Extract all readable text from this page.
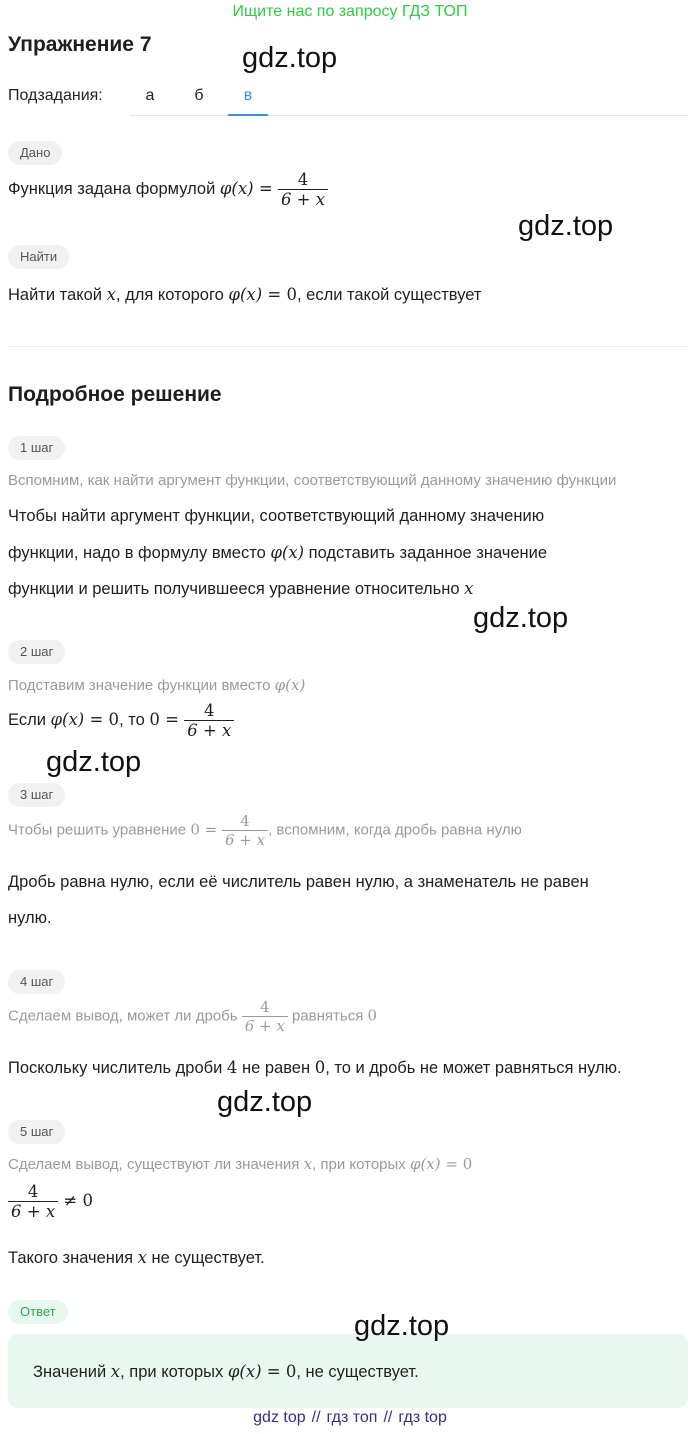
Ищите нас по запросу ГДЗ ТОП
Упражнение 7	gdz.top
Подзадания:	а	б	в
Дано
Функция задана формулой $\varphi(x) = \frac{4}{6 + x}$
gdz.top
Найти
Найти такой x, для которого φ(x) = 0, если такой существует
Подробное решение
1 шаг
Вспомним, как найти аргумент функции, соответствующий данному значению функции
Чтобы найти аргумент функции, соответствующий данному значению
функции, надо в формулу вместо φ(x) подставить заданное значение
функции и решить получившееся уравнение относительно x
gdz.top
2 шаг
Подставим значение функции вместо φ(x)
Если φ(x) = 0, то $0 = \frac{4}{6 + x}$
gdz.top
3 шаг
Чтобы решить уравнение $0 = \frac{4}{6 + x}$ , вспомним, когда дробь равна нулю
Дробь равна нулю, если её числитель равен нулю, а знаменатель не равен
нулю.
4 шаг
Сделаем вывод, может ли дробь $\frac{4}{6 + x}$ равняться 0
Поскольку числитель дроби 4 не равен 0, то и дробь не может равняться нулю.
gdz.top
5 шаг
Сделаем вывод, существуют ли значения x, при которых φ(x) = 0
$\frac{4}{6 + x} \ne 0$
Такого значения x не существует.
Ответ	gdz.top
Значений x, при которых φ(x) = 0, не существует.
gdz top // гдз топ // гдз top
